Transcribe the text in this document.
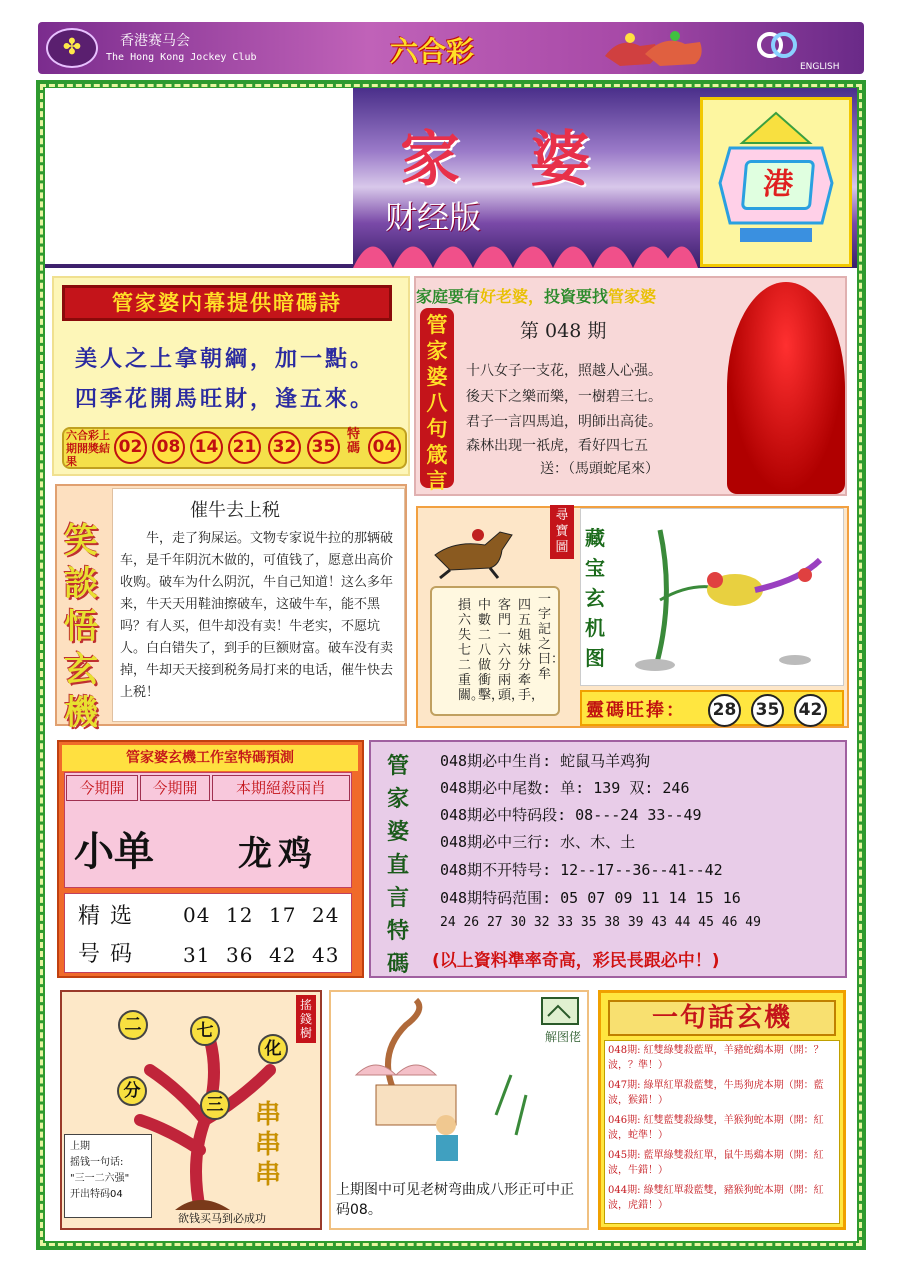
✤	香港赛马会
The Hong Kong Jockey Club	六合彩	ENGLISH
家婆
财经版
港
管家婆内幕提供暗碼詩
美人之上拿朝綱，加一點。
四季花開馬旺財，逢五來。
六合彩上期開獎結果
02 08 14 21 32 35
特碼 04
家庭要有好老婆，投資要找管家婆
管家婆八句箴言
第 048 期
十八女子一支花，照越人心强。
後天下之樂而樂，一樹碧三七。
君子一言四馬追，明師出高徒。
森林出现一祇虎，看好四七五
送：（馬頭蛇尾來）
笑談悟玄機
催牛去上税
牛，走了狗屎运。文物专家说牛拉的那辆破车，是千年阴沉木做的，可值钱了，愿意出高价收购。破车为什么阴沉，牛自己知道！这么多年来，牛天天用鞋油擦破车，这破牛车，能不黑吗？有人买，但牛却没有卖！牛老实，不愿坑人。白白错失了，到手的巨额财富。破车没有卖掉，牛却天天接到税务局打来的电话，催牛快去上税！
一字記之曰：牟
四五姐妹分牽手，
客門一六分兩頭，
中數二八做衝擊，
損六失七二重關。
尋寶圖 藏宝玄机图
靈碼旺捧： 28 35 42
管家婆玄機工作室特碼預測
今期開	今期開	本期絕殺兩肖
小单 龙鸡
精选号码
04 12 17 24
31 36 42 43
管家婆直言特碼
048期必中生肖: 蛇鼠马羊鸡狗
048期必中尾数: 单: 139 双: 246
048期必中特码段: 08---24 33--49
048期必中三行: 水、木、土
048期不开特号: 12--17--36--41--42
048期特码范围: 05 07 09 11 14 15 16
24 26 27 30 32 33 35 38 39 43 44 45 46 49
(以上資料準率奇高，彩民長跟必中！)
二	七
化
分
三
搖錢樹
上期
摇钱一句话:
"三一二六强"
开出特码04
串串串
欲钱买马到必成功
解图佬
上期图中可见老树弯曲成八形正可中正码08。
一句話玄機
048期: 紅雙綠雙殺藍單，羊豬蛇鷄本期（開：？波，？準！）
047期: 綠單紅單殺藍雙，牛馬狗虎本期（開：藍波，猴錯！）
046期: 紅雙藍雙殺綠雙，羊猴狗蛇本期（開：紅波，蛇準！）
045期: 藍單綠雙殺紅單，鼠牛馬鷄本期（開：紅波，牛錯！）
044期: 綠雙紅單殺藍雙，豬猴狗蛇本期（開：紅波，虎錯！）
